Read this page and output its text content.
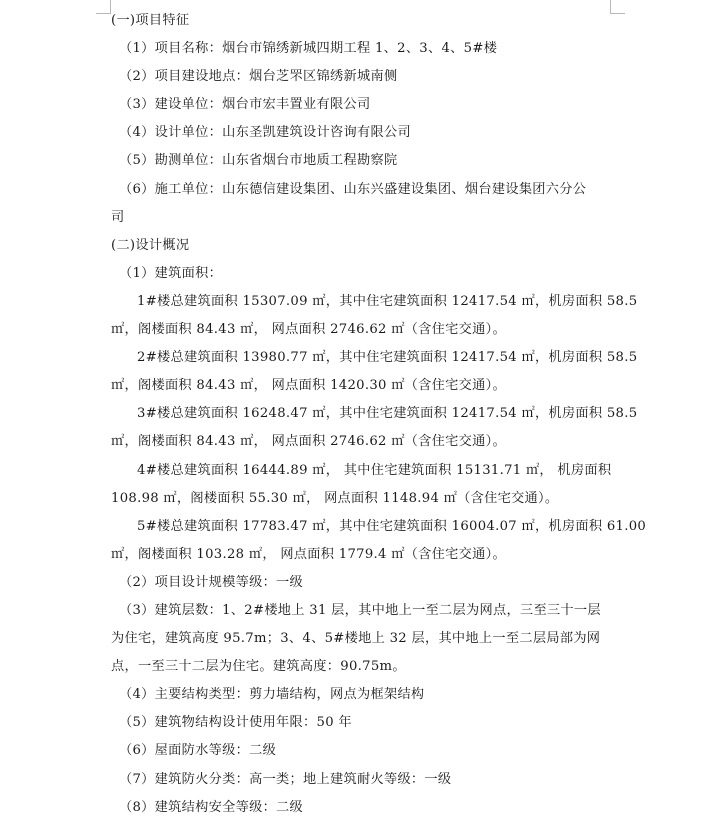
(一)项目特征
（1）项目名称：烟台市锦绣新城四期工程 1、2、3、4、5#楼
（2）项目建设地点：烟台芝罘区锦绣新城南侧
（3）建设单位：烟台市宏丰置业有限公司
（4）设计单位：山东圣凯建筑设计咨询有限公司
（5）勘测单位：山东省烟台市地质工程勘察院
（6）施工单位：山东德信建设集团、山东兴盛建设集团、烟台建设集团六分公
司
(二)设计概况
（1）建筑面积：
1#楼总建筑面积 15307.09 ㎡，其中住宅建筑面积 12417.54 ㎡，机房面积 58.5
㎡，阁楼面积 84.43 ㎡， 网点面积 2746.62 ㎡（含住宅交通）。
2#楼总建筑面积 13980.77 ㎡，其中住宅建筑面积 12417.54 ㎡，机房面积 58.5
㎡，阁楼面积 84.43 ㎡， 网点面积 1420.30 ㎡（含住宅交通）。
3#楼总建筑面积 16248.47 ㎡，其中住宅建筑面积 12417.54 ㎡，机房面积 58.5
㎡，阁楼面积 84.43 ㎡， 网点面积 2746.62 ㎡（含住宅交通）。
4#楼总建筑面积 16444.89 ㎡， 其中住宅建筑面积 15131.71 ㎡， 机房面积
108.98 ㎡，阁楼面积 55.30 ㎡， 网点面积 1148.94 ㎡（含住宅交通）。
5#楼总建筑面积 17783.47 ㎡，其中住宅建筑面积 16004.07 ㎡，机房面积 61.00
㎡，阁楼面积 103.28 ㎡， 网点面积 1779.4 ㎡（含住宅交通）。
（2）项目设计规模等级：一级
（3）建筑层数：1、2#楼地上 31 层，其中地上一至二层为网点，三至三十一层
为住宅，建筑高度 95.7m；3、4、5#楼地上 32 层，其中地上一至二层局部为网
点，一至三十二层为住宅。建筑高度：90.75m。
（4）主要结构类型：剪力墙结构，网点为框架结构
（5）建筑物结构设计使用年限：50 年
（6）屋面防水等级：二级
（7）建筑防火分类：高一类；地上建筑耐火等级：一级
（8）建筑结构安全等级：二级
